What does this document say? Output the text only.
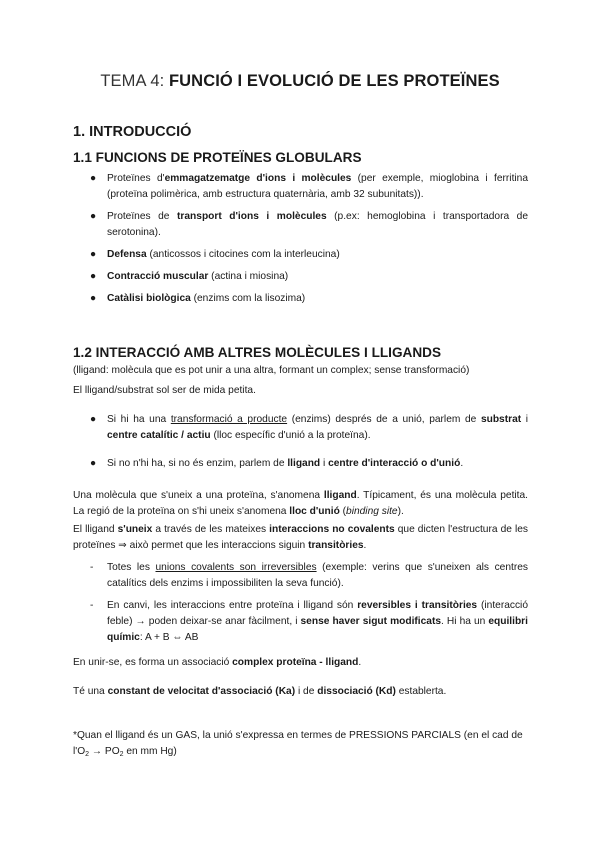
TEMA 4: FUNCIÓ I EVOLUCIÓ DE LES PROTEÏNES
1. INTRODUCCIÓ
1.1 FUNCIONS DE PROTEÏNES GLOBULARS
● Proteïnes d'emmagatzematge d'ions i molècules (per exemple, mioglobina i ferritina (proteïna polimèrica, amb estructura quaternària, amb 32 subunitats)).
● Proteïnes de transport d'ions i molècules (p.ex: hemoglobina i transportadora de serotonina).
● Defensa (anticossos i citocines com la interleucina)
● Contracció muscular (actina i miosina)
● Catàlisi biològica (enzims com la lisozima)
1.2 INTERACCIÓ AMB ALTRES MOLÈCULES I LLIGANDS
(lligand: molècula que es pot unir a una altra, formant un complex; sense transformació)
El lligand/substrat sol ser de mida petita.
● Si hi ha una transformació a producte (enzims) després de a unió, parlem de substrat i centre catalític / actiu (lloc específic d'unió a la proteïna).
● Si no n'hi ha, si no és enzim, parlem de lligand i centre d'interacció o d'unió.
Una molècula que s'uneix a una proteïna, s'anomena lligand. Típicament, és una molècula petita. La regió de la proteïna on s'hi uneix s'anomena lloc d'unió (binding site).
El lligand s'uneix a través de les mateixes interaccions no covalents que dicten l'estructura de les proteïnes ⇒ això permet que les interaccions siguin transitòries.
- Totes les unions covalents son irreversibles (exemple: verins que s'uneixen als centres catalítics dels enzims i impossibiliten la seva funció).
- En canvi, les interaccions entre proteïna i lligand són reversibles i transitòries (interacció feble) → poden deixar-se anar fàcilment, i sense haver sigut modificats. Hi ha un equilibri químic: A + B ⇔ AB
En unir-se, es forma un associació complex proteïna - lligand.
Té una constant de velocitat d'associació (Ka) i de dissociació (Kd) establerta.
*Quan el lligand és un GAS, la unió s'expressa en termes de PRESSIONS PARCIALS (en el cad de $l'O_2 \to PO_2$ en mm Hg)
